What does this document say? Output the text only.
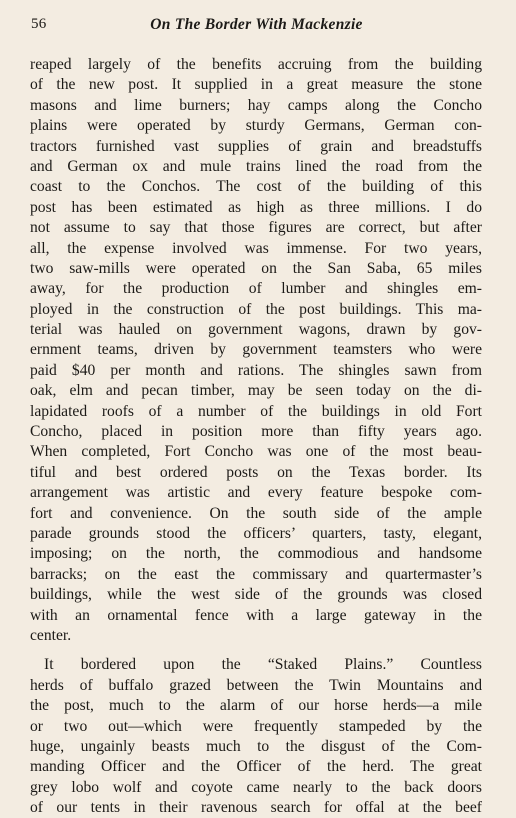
56	On The Border With Mackenzie
reaped largely of the benefits accruing from the building
of the new post. It supplied in a great measure the stone
masons and lime burners; hay camps along the Concho
plains were operated by sturdy Germans, German con-
tractors furnished vast supplies of grain and breadstuffs
and German ox and mule trains lined the road from the
coast to the Conchos. The cost of the building of this
post has been estimated as high as three millions. I do
not assume to say that those figures are correct, but after
all, the expense involved was immense. For two years,
two saw-mills were operated on the San Saba, 65 miles
away, for the production of lumber and shingles em-
ployed in the construction of the post buildings. This ma-
terial was hauled on government wagons, drawn by gov-
ernment teams, driven by government teamsters who were
paid $40 per month and rations. The shingles sawn from
oak, elm and pecan timber, may be seen today on the di-
lapidated roofs of a number of the buildings in old Fort
Concho, placed in position more than fifty years ago.
When completed, Fort Concho was one of the most beau-
tiful and best ordered posts on the Texas border. Its
arrangement was artistic and every feature bespoke com-
fort and convenience. On the south side of the ample
parade grounds stood the officers’ quarters, tasty, elegant,
imposing; on the north, the commodious and handsome
barracks; on the east the commissary and quartermaster’s
buildings, while the west side of the grounds was closed
with an ornamental fence with a large gateway in the
center.
It bordered upon the “Staked Plains.” Countless
herds of buffalo grazed between the Twin Mountains and
the post, much to the alarm of our horse herds—a mile
or two out—which were frequently stampeded by the
huge, ungainly beasts much to the disgust of the Com-
manding Officer and the Officer of the herd. The great
grey lobo wolf and coyote came nearly to the back doors
of our tents in their ravenous search for offal at the beef
